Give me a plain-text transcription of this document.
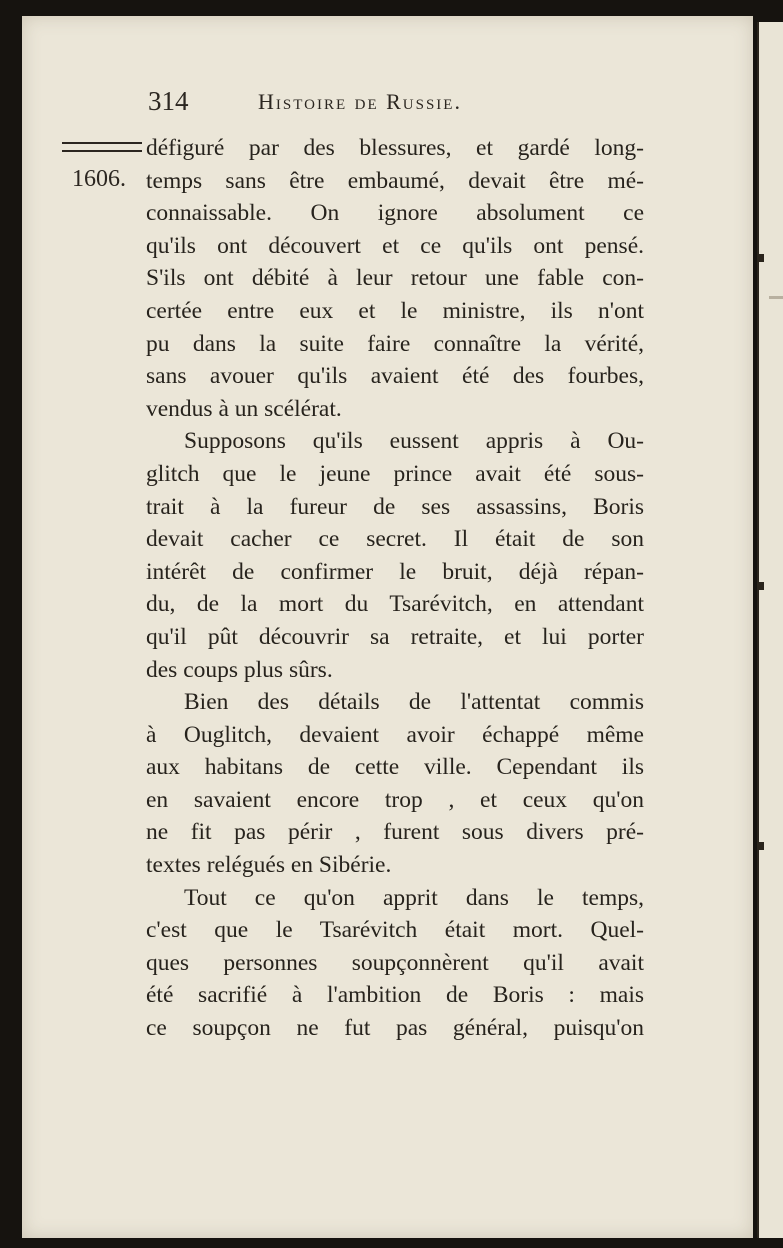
314	Histoire de Russie.
1606.
défiguré par des blessures, et gardé long-
temps sans être embaumé, devait être mé-
connaissable. On ignore absolument ce
qu'ils ont découvert et ce qu'ils ont pensé.
S'ils ont débité à leur retour une fable con-
certée entre eux et le ministre, ils n'ont
pu dans la suite faire connaître la vérité,
sans avouer qu'ils avaient été des fourbes,
vendus à un scélérat.
Supposons qu'ils eussent appris à Ou-
glitch que le jeune prince avait été sous-
trait à la fureur de ses assassins, Boris
devait cacher ce secret. Il était de son
intérêt de confirmer le bruit, déjà répan-
du, de la mort du Tsarévitch, en attendant
qu'il pût découvrir sa retraite, et lui porter
des coups plus sûrs.
Bien des détails de l'attentat commis
à Ouglitch, devaient avoir échappé même
aux habitans de cette ville. Cependant ils
en savaient encore trop , et ceux qu'on
ne fit pas périr , furent sous divers pré-
textes relégués en Sibérie.
Tout ce qu'on apprit dans le temps,
c'est que le Tsarévitch était mort. Quel-
ques personnes soupçonnèrent qu'il avait
été sacrifié à l'ambition de Boris : mais
ce soupçon ne fut pas général, puisqu'on
